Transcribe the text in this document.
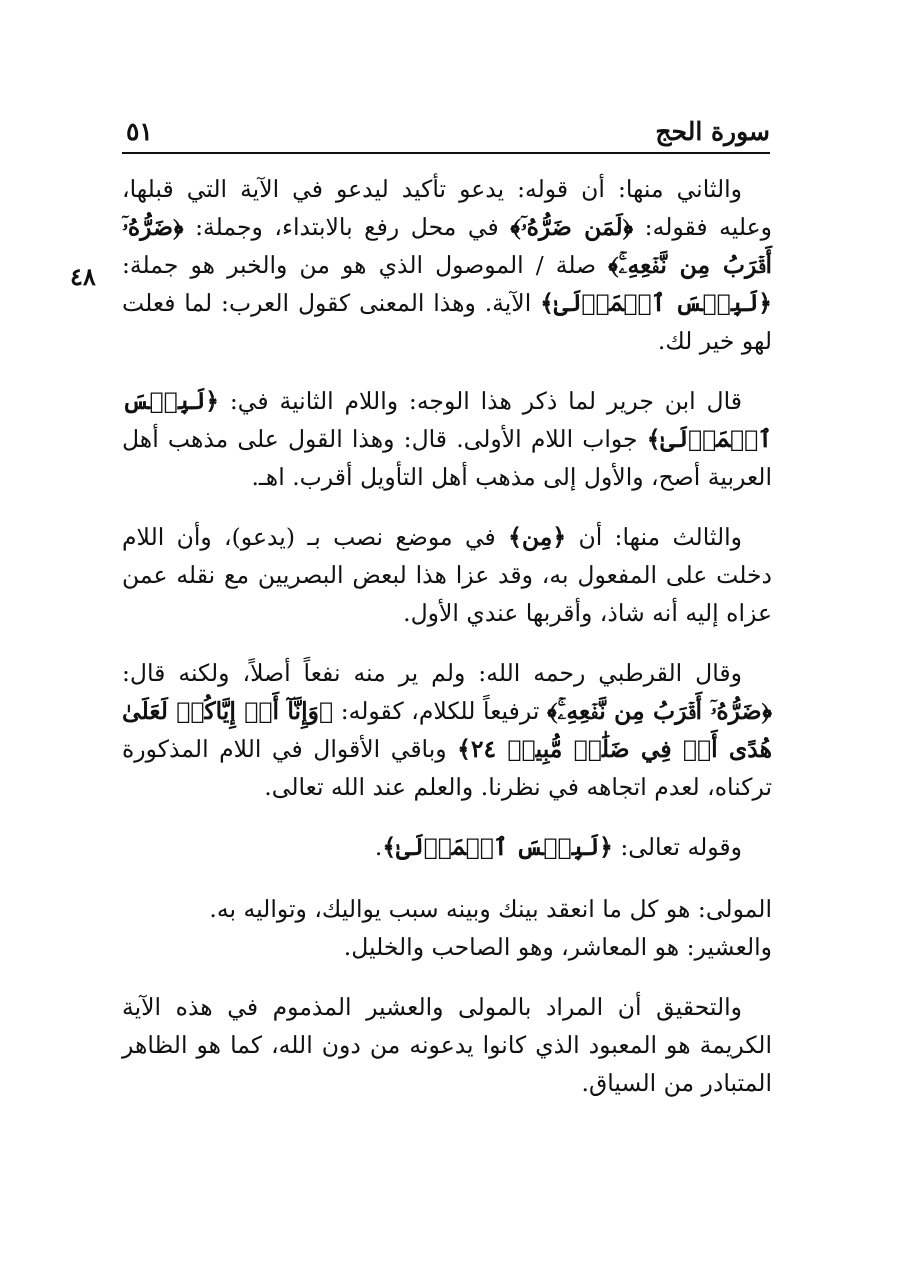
سورة الحج
٥١
٤٨

والثاني منها: أن قوله: يدعو تأكيد ليدعو في الآية التي قبلها، وعليه فقوله: ﴿لَمَن ضَرُّهُۥٓ﴾ في محل رفع بالابتداء، وجملة: ﴿ضَرُّهُۥٓ أَقۡرَبُ مِن نَّفۡعِهِۦۚ﴾ صلة / الموصول الذي هو من والخبر هو جملة: ﴿لَبِئۡسَ ٱلۡمَوۡلَىٰ﴾ الآية. وهذا المعنى كقول العرب: لما فعلت لهو خير لك.

قال ابن جرير لما ذكر هذا الوجه: واللام الثانية في: ﴿لَبِئۡسَ ٱلۡمَوۡلَىٰ﴾ جواب اللام الأولى. قال: وهذا القول على مذهب أهل العربية أصح، والأول إلى مذهب أهل التأويل أقرب. اهـ.

والثالث منها: أن ﴿مِن﴾ في موضع نصب بـ (يدعو)، وأن اللام دخلت على المفعول به، وقد عزا هذا لبعض البصريين مع نقله عمن عزاه إليه أنه شاذ، وأقربها عندي الأول.

وقال القرطبي رحمه الله: ولم ير منه نفعاً أصلاً، ولكنه قال: ﴿ضَرُّهُۥٓ أَقۡرَبُ مِن نَّفۡعِهِۦۚ﴾ ترفيعاً للكلام، كقوله: ﴿وَإِنَّآ أَوۡ إِيَّاكُمۡ لَعَلَىٰ هُدًى أَوۡ فِي ضَلَٰلٖ مُّبِينٖ ٢٤﴾ وباقي الأقوال في اللام المذكورة تركناه، لعدم اتجاهه في نظرنا. والعلم عند الله تعالى.

وقوله تعالى: ﴿لَبِئۡسَ ٱلۡمَوۡلَىٰ﴾.

المولى: هو كل ما انعقد بينك وبينه سبب يواليك، وتواليه به.
والعشير: هو المعاشر، وهو الصاحب والخليل.

والتحقيق أن المراد بالمولى والعشير المذموم في هذه الآية الكريمة هو المعبود الذي كانوا يدعونه من دون الله، كما هو الظاهر المتبادر من السياق.
